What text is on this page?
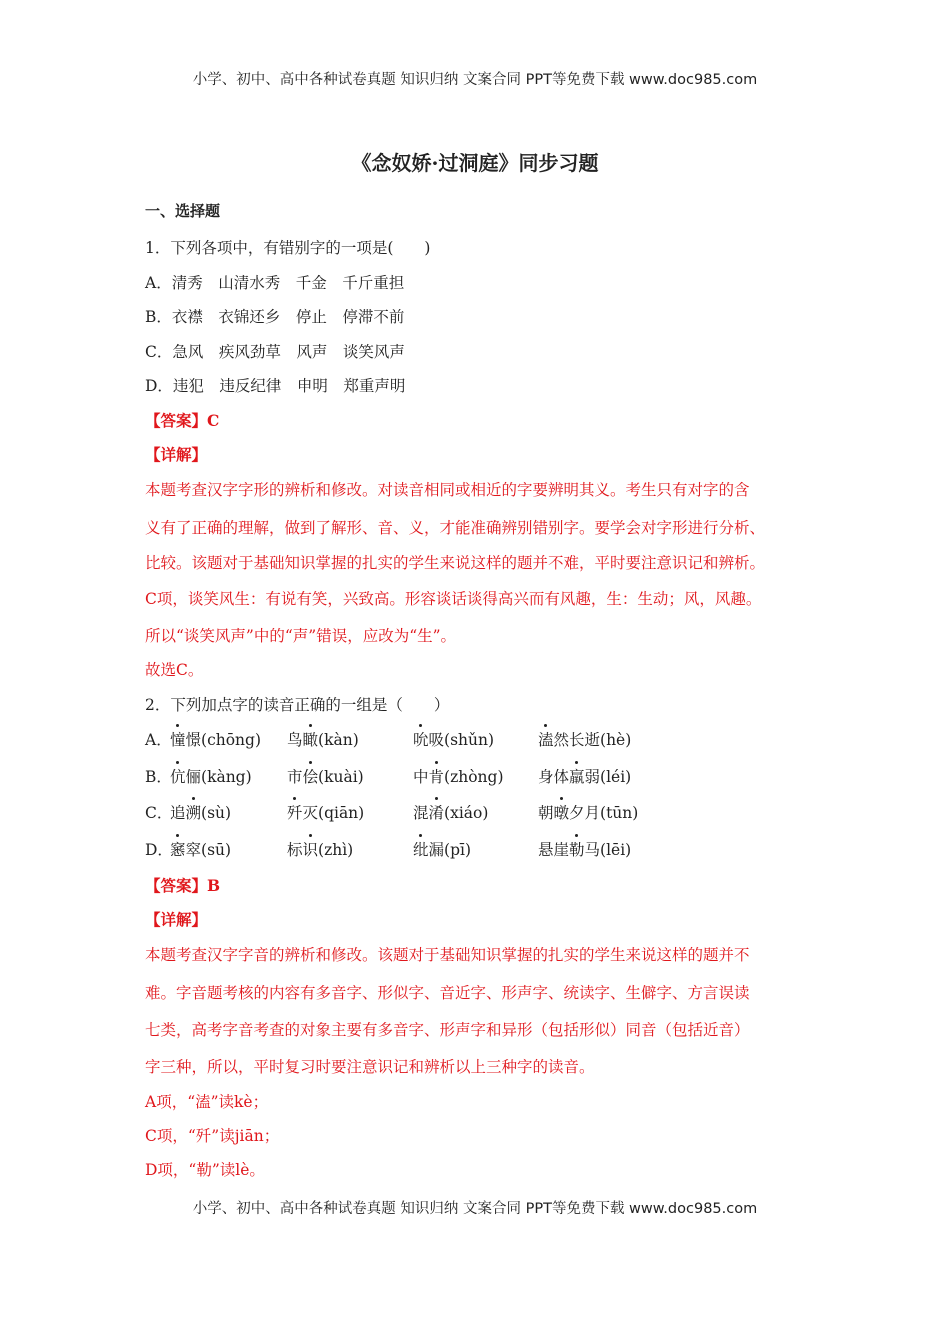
小学、初中、高中各种试卷真题 知识归纳 文案合同 PPT等免费下载 www.doc985.com
《念奴娇·过洞庭》同步习题
一、选择题
1．下列各项中，有错别字的一项是(　　)
A．清秀　山清水秀　千金　千斤重担
B．衣襟　衣锦还乡　停止　停滞不前
C．急风　疾风劲草　风声　谈笑风声
D．违犯　违反纪律　申明　郑重声明
【答案】C
【详解】
本题考查汉字字形的辨析和修改。对读音相同或相近的字要辨明其义。考生只有对字的含
义有了正确的理解，做到了解形、音、义，才能准确辨别错别字。要学会对字形进行分析、
比较。该题对于基础知识掌握的扎实的学生来说这样的题并不难，平时要注意识记和辨析。
C项，谈笑风生：有说有笑，兴致高。形容谈话谈得高兴而有风趣，生：生动；风，风趣。
所以“谈笑风声”中的“声”错误，应改为“生”。
故选C。
2．下列加点字的读音正确的一组是（　　）
A．
憧憬(chōng) 鸟瞰(kàn)	吮吸(shǔn)	溘然长逝(hè)
B．
伉俪(kàng) 市侩(kuài)	中肯(zhòng) 身体羸弱(léi)
C．
追溯(sù)	歼灭(qiān)	混淆(xiáo)	朝暾夕月(tūn)
D．
窸窣(sū)	标识(zhì)	纰漏(pī)	悬崖勒马(lēi)
【答案】B
【详解】
本题考查汉字字音的辨析和修改。该题对于基础知识掌握的扎实的学生来说这样的题并不
难。字音题考核的内容有多音字、形似字、音近字、形声字、统读字、生僻字、方言误读
七类，高考字音考查的对象主要有多音字、形声字和异形（包括形似）同音（包括近音）
字三种，所以，平时复习时要注意识记和辨析以上三种字的读音。
A项，“溘”读kè；
C项，“歼”读jiān；
D项，“勒”读lè。
小学、初中、高中各种试卷真题 知识归纳 文案合同 PPT等免费下载 www.doc985.com
